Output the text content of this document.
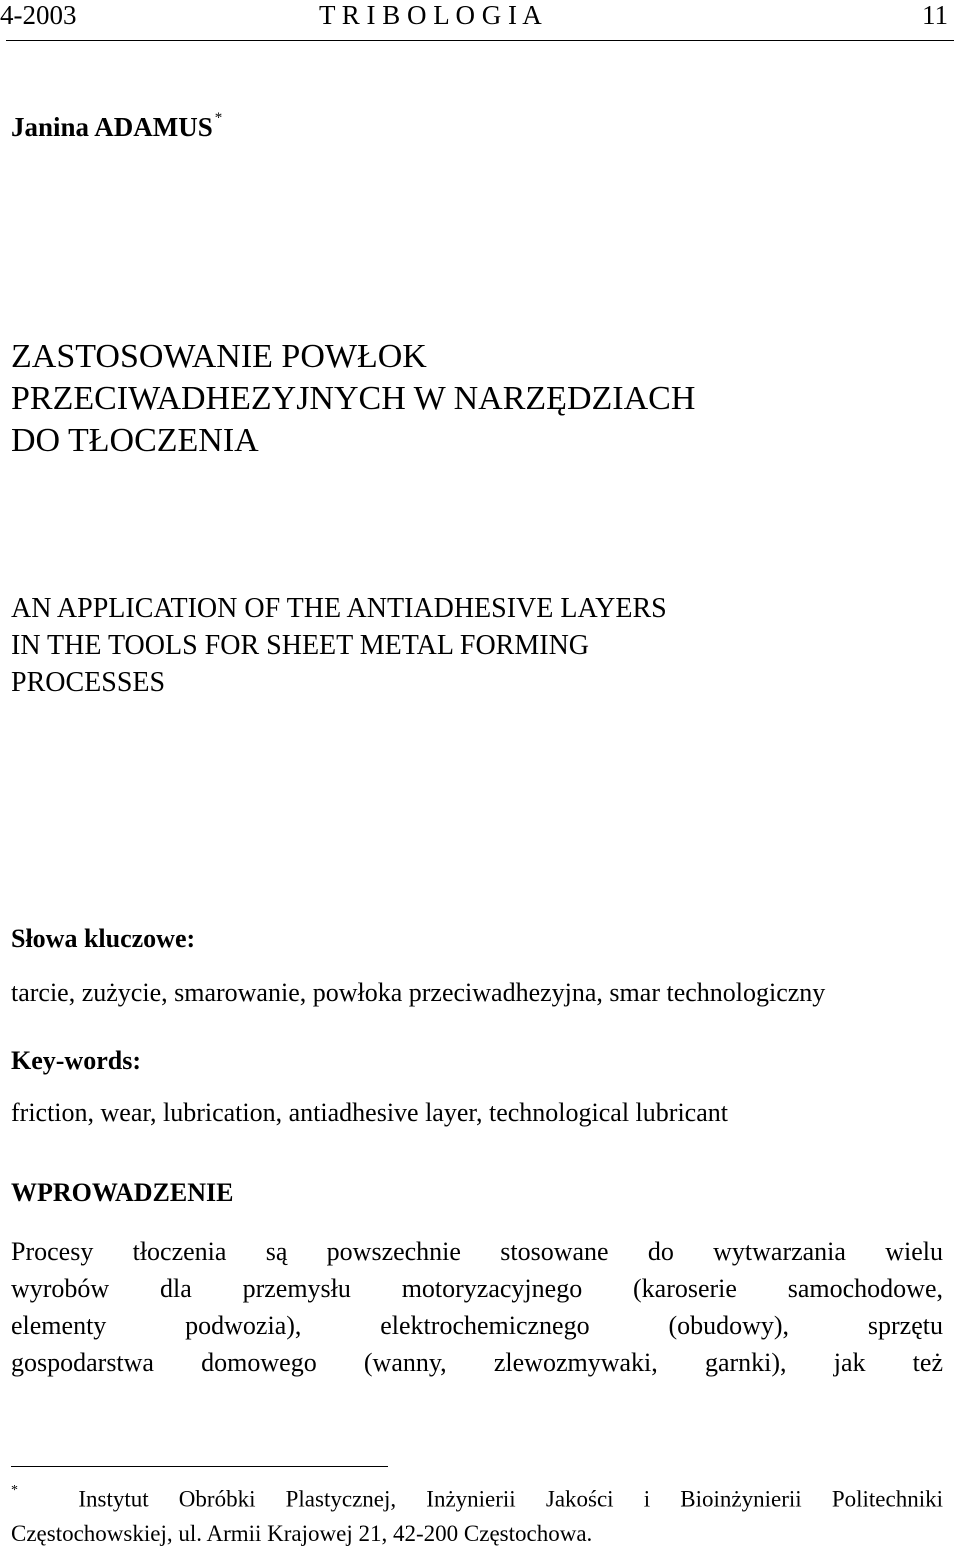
4-2003	T R I B O L O G I A	11
Janina ADAMUS *
ZASTOSOWANIE POWŁOK
PRZECIWADHEZYJNYCH W NARZĘDZIACH
DO TŁOCZENIA
AN APPLICATION OF THE ANTIADHESIVE LAYERS
IN THE TOOLS FOR SHEET METAL FORMING
PROCESSES
Słowa kluczowe:
tarcie, zużycie, smarowanie, powłoka przeciwadhezyjna, smar technologiczny
Key-words:
friction, wear, lubrication, antiadhesive layer, technological lubricant
WPROWADZENIE
Procesy tłoczenia są powszechnie stosowane do wytwarzania wielu
wyrobów dla przemysłu motoryzacyjnego (karoserie samochodowe,
elementy podwozia), elektrochemicznego (obudowy), sprzętu
gospodarstwa domowego (wanny, zlewozmywaki, garnki), jak też
*	Instytut Obróbki Plastycznej, Inżynierii Jakości i Bioinżynierii Politechniki
Częstochowskiej, ul. Armii Krajowej 21, 42-200 Częstochowa.
